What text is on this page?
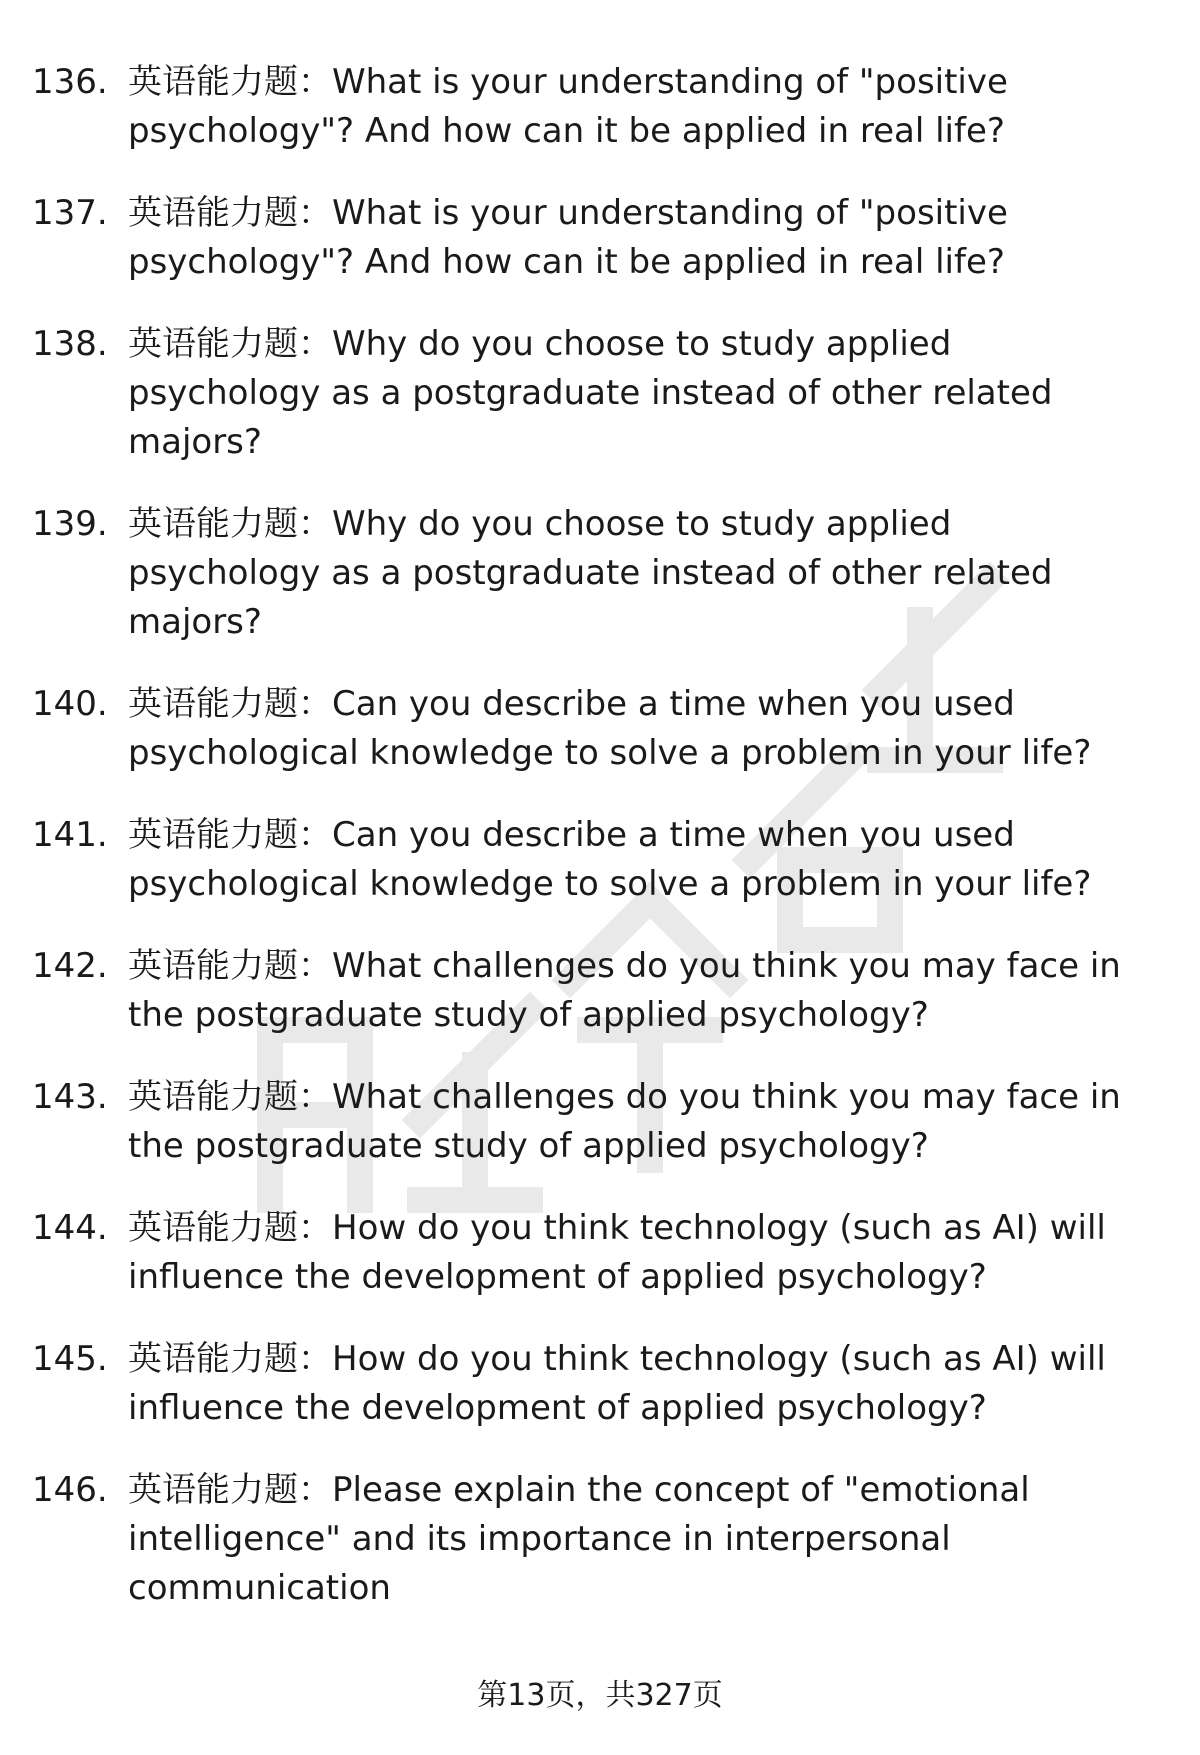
136. 英语能力题：What is your understanding of "positive psychology"? And how can it be applied in real life?
137. 英语能力题：What is your understanding of "positive psychology"? And how can it be applied in real life?
138. 英语能力题：Why do you choose to study applied psychology as a postgraduate instead of other related majors?
139. 英语能力题：Why do you choose to study applied psychology as a postgraduate instead of other related majors?
140. 英语能力题：Can you describe a time when you used psychological knowledge to solve a problem in your life?
141. 英语能力题：Can you describe a time when you used psychological knowledge to solve a problem in your life?
142. 英语能力题：What challenges do you think you may face in the postgraduate study of applied psychology?
143. 英语能力题：What challenges do you think you may face in the postgraduate study of applied psychology?
144. 英语能力题：How do you think technology (such as AI) will influence the development of applied psychology?
145. 英语能力题：How do you think technology (such as AI) will influence the development of applied psychology?
146. 英语能力题：Please explain the concept of "emotional intelligence" and its importance in interpersonal communication
第13页，共327页
